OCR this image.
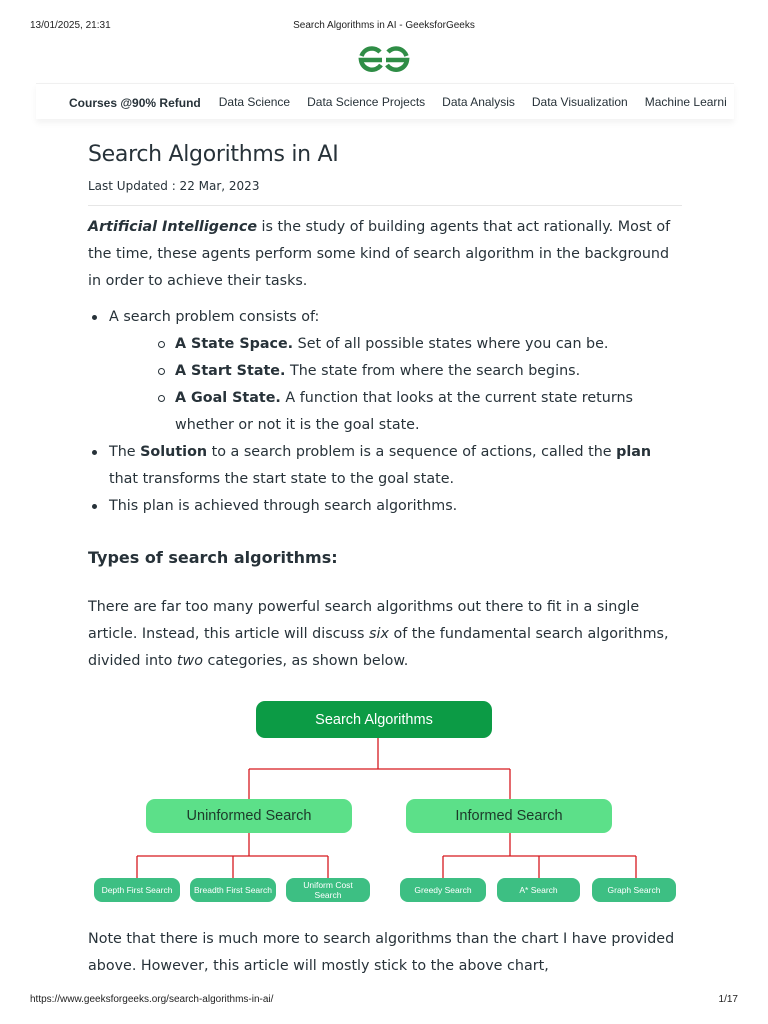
13/01/2025, 21:31	Search Algorithms in AI - GeeksforGeeks
Courses @90% Refund Data Science Data Science Projects Data Analysis Data Visualization Machine Learni
Search Algorithms in AI
Last Updated : 22 Mar, 2023

Artificial Intelligence is the study of building agents that act rationally. Most of the time, these agents perform some kind of search algorithm in the background in order to achieve their tasks.

A search problem consists of:
A State Space. Set of all possible states where you can be.
A Start State. The state from where the search begins.
A Goal State. A function that looks at the current state returns whether or not it is the goal state.
The Solution to a search problem is a sequence of actions, called the plan that transforms the start state to the goal state.
This plan is achieved through search algorithms.
Types of search algorithms:

There are far too many powerful search algorithms out there to fit in a single article. Instead, this article will discuss six of the fundamental search algorithms, divided into two categories, as shown below.

Search Algorithms
Uninformed Search	Informed Search
Depth First Search	Breadth First Search	Uniform Cost Search	Greedy Search	A* Search	Graph Search

Note that there is much more to search algorithms than the chart I have provided above. However, this article will mostly stick to the above chart,

https://www.geeksforgeeks.org/search-algorithms-in-ai/	1/17
